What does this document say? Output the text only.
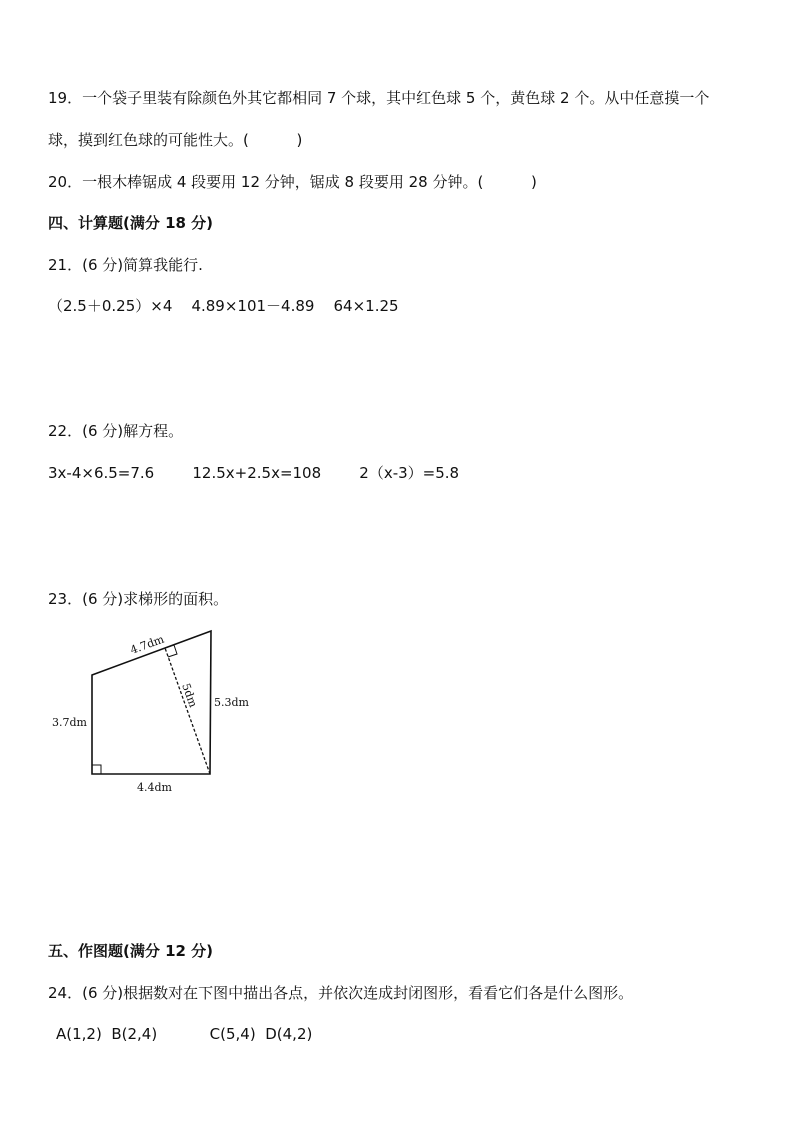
19．一个袋子里装有除颜色外其它都相同 7 个球，其中红色球 5 个，黄色球 2 个。从中任意摸一个
球，摸到红色球的可能性大。(          )
20．一根木棒锯成 4 段要用 12 分钟，锯成 8 段要用 28 分钟。(          )
四、计算题(满分 18 分)
21．(6 分)简算我能行.
（2.5＋0.25）×4    4.89×101－4.89    64×1.25
22．(6 分)解方程。
3x-4×6.5=7.6        12.5x+2.5x=108        2（x-3）=5.8
23．(6 分)求梯形的面积。
4.7dm
5dm 5.3dm
3.7dm
4.4dm
五、作图题(满分 12 分)
24．(6 分)根据数对在下图中描出各点，并依次连成封闭图形，看看它们各是什么图形。
A(1,2)  B(2,4)           C(5,4)  D(4,2)
